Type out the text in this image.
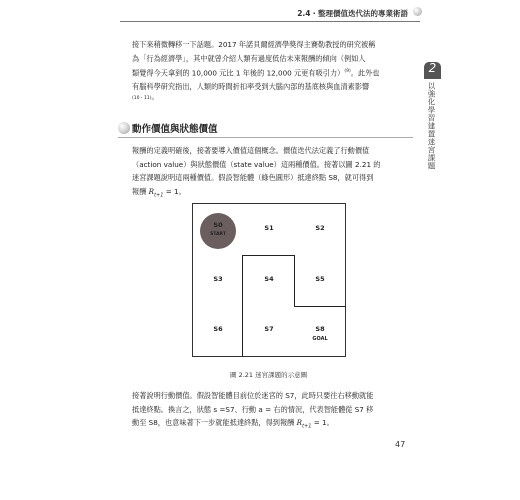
2.4・整理價值迭代法的專業術語
2
以強化學習建置迷宮課題
接下來稍微轉移一下話題。2017 年諾貝爾經濟學獎得主賽勒教授的研究被稱
為「行為經濟學」，其中就曾介紹人類有過度低估未來報酬的傾向（例如人
類覺得今天拿到的 10,000 元比 1 年後的 12,000 元更有吸引力）$^{(9)}$。此外也
有腦科學研究指出，人類的時間折扣率受到大腦內部的基底核與血清素影響
(10・11)。
動作價值與狀態價值
報酬的定義明確後，接著要導入價值這個概念。價值迭代法定義了行動價值
（action value）與狀態價值（state value）這兩種價值。接著以圖 2.21 的
迷宮課題說明這兩種價值。假設智能體（綠色圓形）抵達終點 S8，就可得到
報酬 $R_{t+1} = 1$。
S0
START
S1	S2
S3	S4	S5
S6	S7	S8
GOAL
圖 2.21 迷宮課題的示意圖
接著說明行動價值。假設智能體目前位於迷宮的 S7，此時只要往右移動就能
抵達終點。換言之，狀態 s =S7、行動 a = 右的情況，代表智能體從 S7 移
動至 S8，也意味著下一步就能抵達終點，得到報酬 $R_{t+1} = 1$。
47
